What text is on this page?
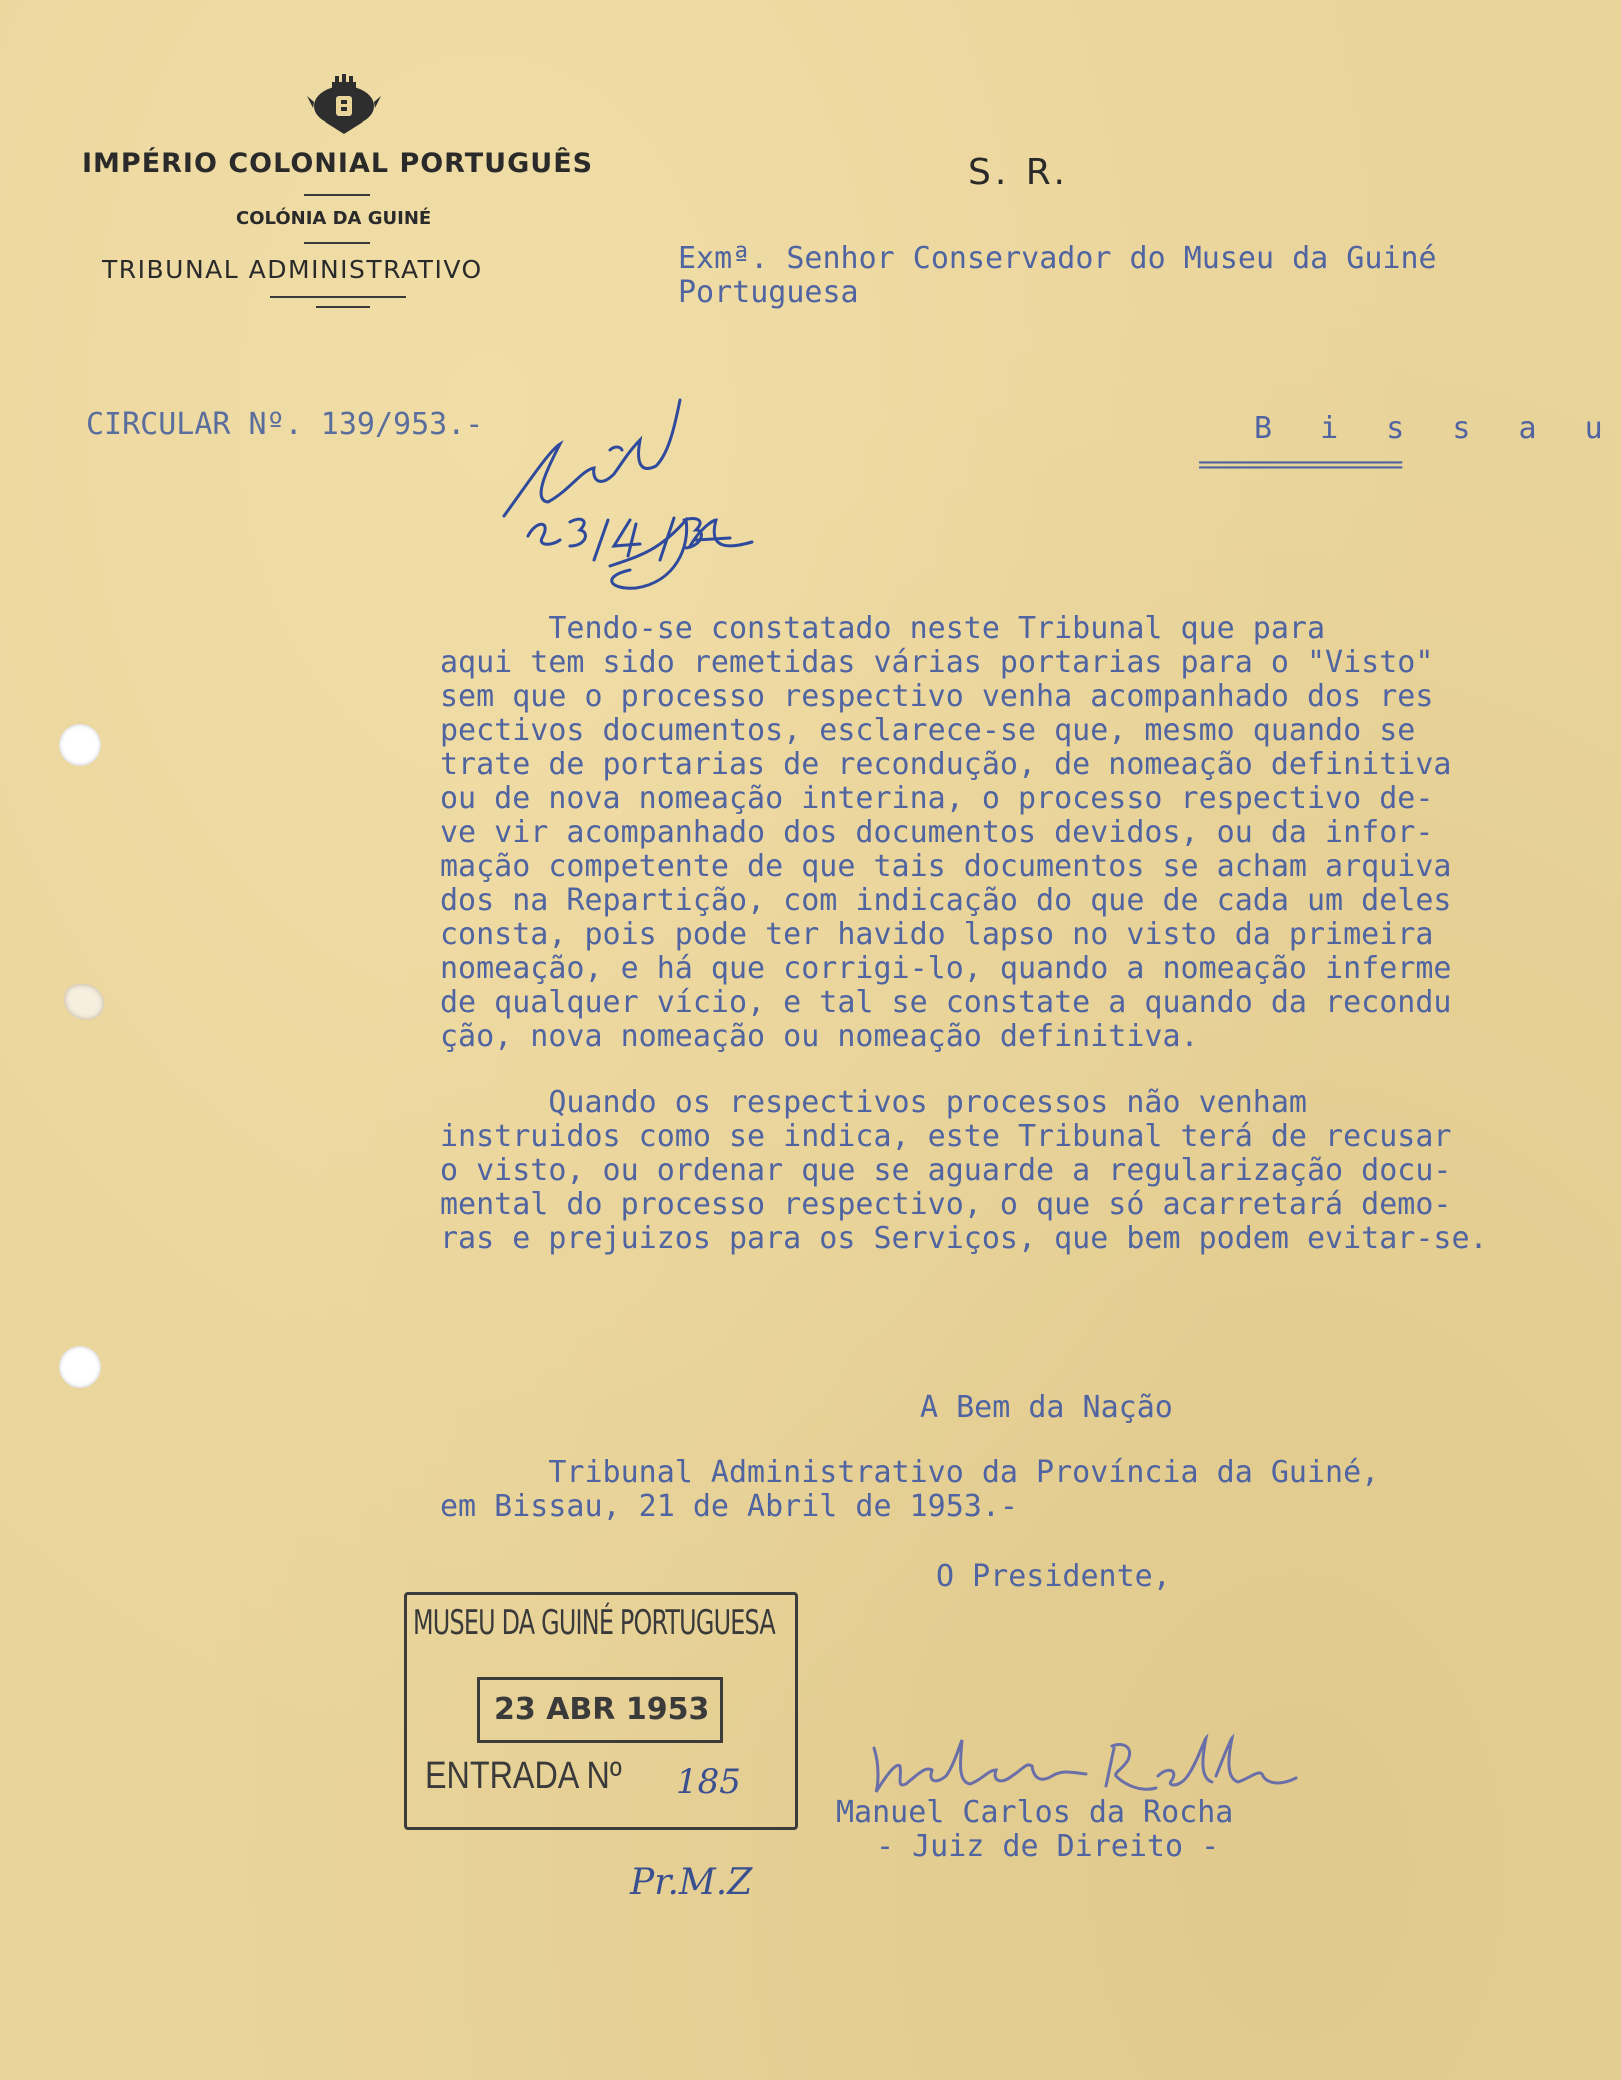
IMPÉRIO COLONIAL PORTUGUÊS
COLÓNIA DA GUINÉ
TRIBUNAL ADMINISTRATIVO
S. R.
Exmª. Senhor Conservador do Museu da Guiné
Portuguesa
CIRCULAR Nº. 139/953.-	B i s s a u
================
Tendo-se constatado neste Tribunal que para
aqui tem sido remetidas várias portarias para o "Visto"
sem que o processo respectivo venha acompanhado dos res
pectivos documentos, esclarece-se que, mesmo quando se
trate de portarias de recondução, de nomeação definitiva
ou de nova nomeação interina, o processo respectivo de-
ve vir acompanhado dos documentos devidos, ou da infor-
mação competente de que tais documentos se acham arquiva
dos na Repartição, com indicação do que de cada um deles
consta, pois pode ter havido lapso no visto da primeira
nomeação, e há que corrigi-lo, quando a nomeação inferme
de qualquer vício, e tal se constate a quando da recondu
ção, nova nomeação ou nomeação definitiva.
Quando os respectivos processos não venham
instruidos como se indica, este Tribunal terá de recusar
o visto, ou ordenar que se aguarde a regularização docu-
mental do processo respectivo, o que só acarretará demo-
ras e prejuizos para os Serviços, que bem podem evitar-se.
A Bem da Nação
Tribunal Administrativo da Província da Guiné,
em Bissau, 21 de Abril de 1953.-
O Presidente,
Manuel Carlos da Rocha
- Juiz de Direito -
MUSEU DA GUINÉ PORTUGUESA
23 ABR 1953
ENTRADA Nº 185
Pr.M.Z
